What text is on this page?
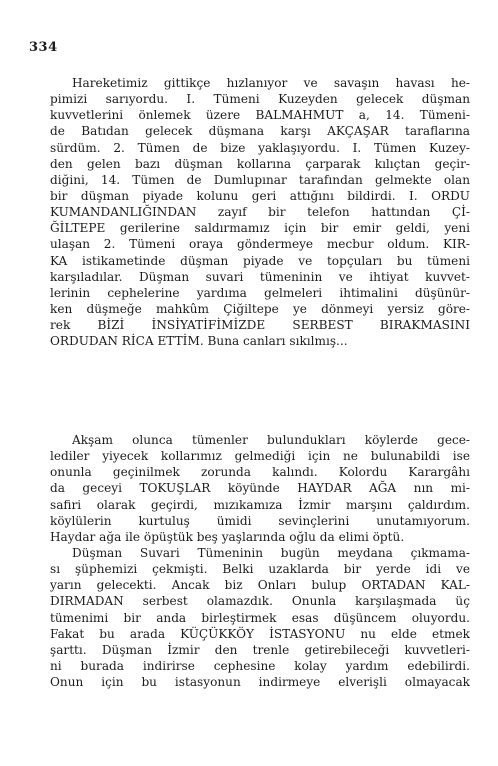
334
Hareketimiz gittikçe hızlanıyor ve savaşın havası he-
pimizi sarıyordu. I. Tümeni Kuzeyden gelecek düşman
kuvvetlerini önlemek üzere BALMAHMUT a, 14. Tümeni-
de Batıdan gelecek düşmana karşı AKÇAŞAR taraflarına
sürdüm. 2. Tümen de bize yaklaşıyordu. I. Tümen Kuzey-
den gelen bazı düşman kollarına çarparak kılıçtan geçir-
diğini, 14. Tümen de Dumlupınar tarafından gelmekte olan
bir düşman piyade kolunu geri attığını bildirdi. I. ORDU
KUMANDANLIĞINDAN zayıf bir telefon hattından Çİ-
ĞİLTEPE gerilerine saldırmamız için bir emir geldi, yeni
ulaşan 2. Tümeni oraya göndermeye mecbur oldum. KIR-
KA istikametinde düşman piyade ve topçuları bu tümeni
karşıladılar. Düşman suvari tümeninin ve ihtiyat kuvvet-
lerinin cephelerine yardıma gelmeleri ihtimalini düşünür-
ken düşmeğe mahkûm Çiğiltepe ye dönmeyi yersiz göre-
rek BİZİ İNSİYATİFİMİZDE SERBEST BIRAKMASINI
ORDUDAN RİCA ETTİM. Buna canları sıkılmış...
Akşam olunca tümenler bulundukları köylerde gece-
lediler yiyecek kollarımız gelmediği için ne bulunabildi ise
onunla geçinilmek zorunda kalındı. Kolordu Karargâhı
da geceyi TOKUŞLAR köyünde HAYDAR AĞA nın mi-
safiri olarak geçirdi, mızıkamıza İzmir marşını çaldırdım.
köylülerin kurtuluş ümidi sevinçlerini unutamıyorum.
Haydar ağa ile öpüştük beş yaşlarında oğlu da elimi öptü.
Düşman Suvari Tümeninin bugün meydana çıkmama-
sı şüphemizi çekmişti. Belki uzaklarda bir yerde idi ve
yarın gelecekti. Ancak biz Onları bulup ORTADAN KAL-
DIRMADAN serbest olamazdık. Onunla karşılaşmada üç
tümenimi bir anda birleştirmek esas düşüncem oluyordu.
Fakat bu arada KÜÇÜKKÖY İSTASYONU nu elde etmek
şarttı. Düşman İzmir den trenle getirebileceği kuvvetleri-
ni burada indirirse cephesine kolay yardım edebilirdi.
Onun için bu istasyonun indirmeye elverişli olmayacak
